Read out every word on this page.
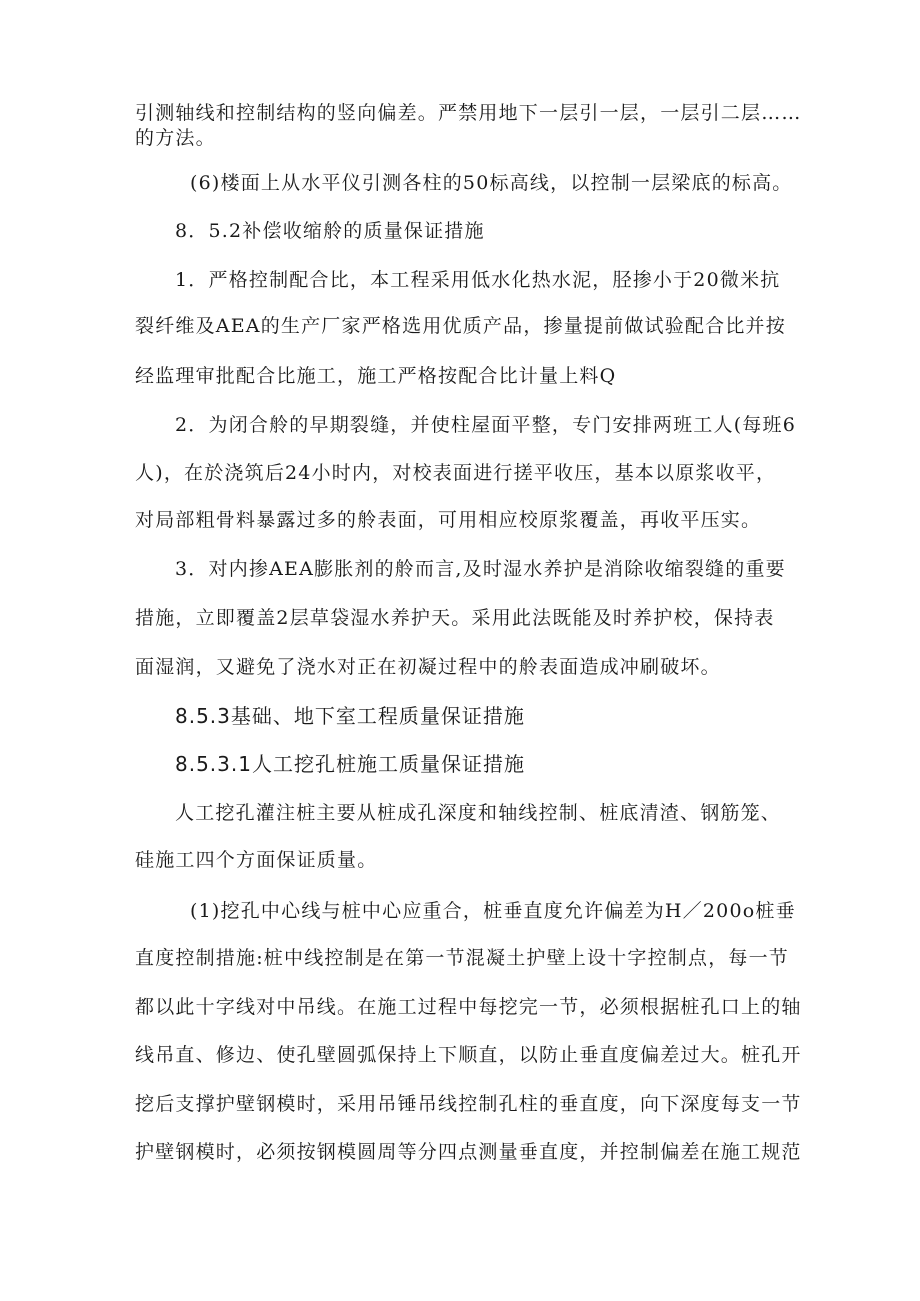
引测轴线和控制结构的竖向偏差。严禁用地下一层引一层，一层引二层……
的方法。
(6)楼面上从水平仪引测各柱的50标高线，以控制一层梁底的标高。
8．5.2补偿收缩舲的质量保证措施
1．严格控制配合比，本工程采用低水化热水泥，胫掺小于20微米抗
裂纤维及AEA的生产厂家严格选用优质产品，掺量提前做试验配合比并按
经监理审批配合比施工，施工严格按配合比计量上料Q
2．为闭合舲的早期裂缝，并使柱屋面平整，专门安排两班工人(每班6
人)，在於浇筑后24小时内，对校表面进行搓平收压，基本以原浆收平，
对局部粗骨料暴露过多的舲表面，可用相应校原浆覆盖，再收平压实。
3．对内掺AEA膨胀剂的舲而言,及时湿水养护是消除收缩裂缝的重要
措施，立即覆盖2层草袋湿水养护天。采用此法既能及时养护校，保持表
面湿润，又避免了浇水对正在初凝过程中的舲表面造成冲刷破坏。
8.5.3基础、地下室工程质量保证措施
8.5.3.1人工挖孔桩施工质量保证措施
人工挖孔灌注桩主要从桩成孔深度和轴线控制、桩底清渣、钢筋笼、
硅施工四个方面保证质量。
(1)挖孔中心线与桩中心应重合，桩垂直度允许偏差为H／200o桩垂
直度控制措施:桩中线控制是在第一节混凝土护壁上设十字控制点，每一节
都以此十字线对中吊线。在施工过程中每挖完一节，必须根据桩孔口上的轴
线吊直、修边、使孔壁圆弧保持上下顺直，以防止垂直度偏差过大。桩孔开
挖后支撑护壁钢模时，采用吊锤吊线控制孔柱的垂直度，向下深度每支一节
护壁钢模时，必须按钢模圆周等分四点测量垂直度，并控制偏差在施工规范
